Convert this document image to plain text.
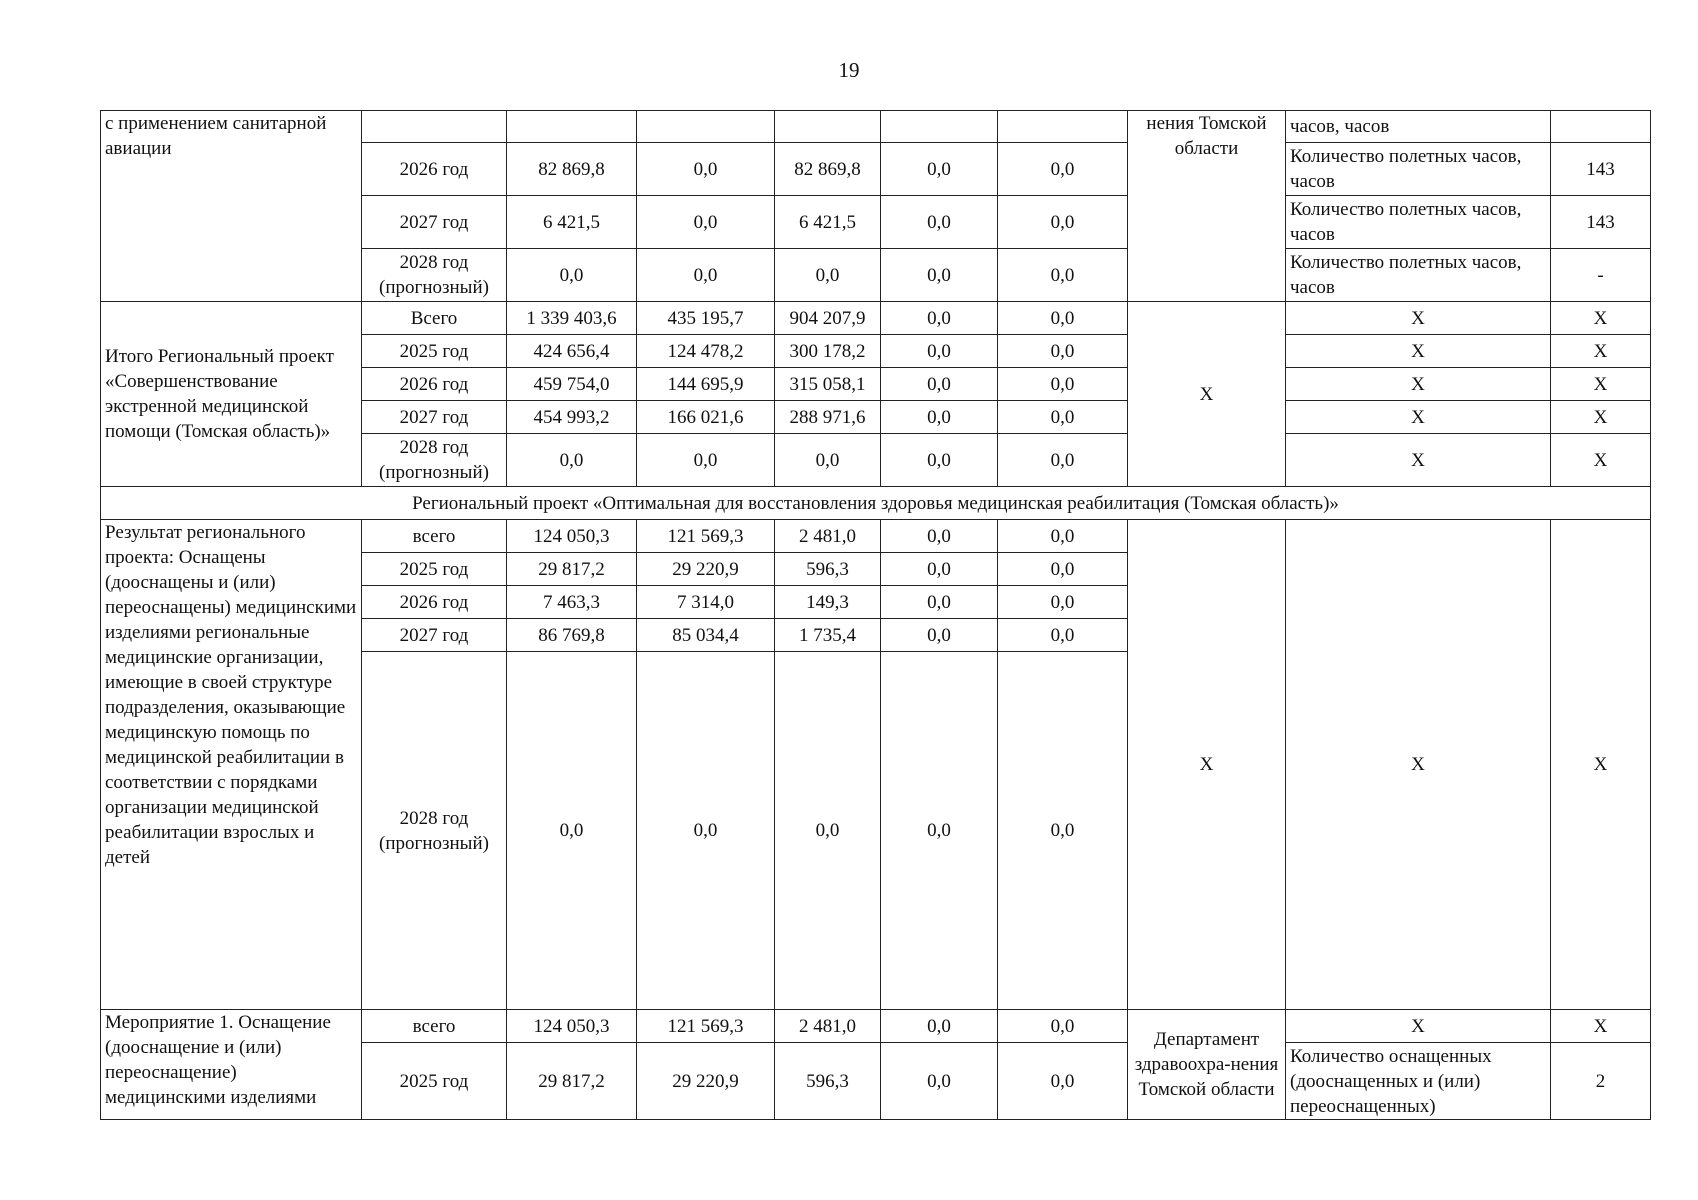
19
с применением санитарной авиации							нения Томской области	часов, часов	
	2026 год	82 869,8	0,0	82 869,8	0,0	0,0		Количество полетных часов, часов	143
	2027 год	6 421,5	0,0	6 421,5	0,0	0,0		Количество полетных часов, часов	143
	2028 год (прогнозный)	0,0	0,0	0,0	0,0	0,0		Количество полетных часов, часов	-
Итого Региональный проект «Совершенствование экстренной медицинской помощи (Томская область)»	Всего	1 339 403,6	435 195,7	904 207,9	0,0	0,0	X	X	X
	2025 год	424 656,4	124 478,2	300 178,2	0,0	0,0		X	X
	2026 год	459 754,0	144 695,9	315 058,1	0,0	0,0		X	X
	2027 год	454 993,2	166 021,6	288 971,6	0,0	0,0		X	X
	2028 год (прогнозный)	0,0	0,0	0,0	0,0	0,0		X	X
Региональный проект «Оптимальная для восстановления здоровья медицинская реабилитация (Томская область)»									
Результат регионального проекта: Оснащены (дооснащены и (или) переоснащены) медицинскими изделиями региональные медицинские организации, имеющие в своей структуре подразделения, оказывающие медицинскую помощь по медицинской реабилитации в соответствии с порядками организации медицинской реабилитации взрослых и детей	всего	124 050,3	121 569,3	2 481,0	0,0	0,0	X	X	X
	2025 год	29 817,2	29 220,9	596,3	0,0	0,0			
	2026 год	7 463,3	7 314,0	149,3	0,0	0,0			
	2027 год	86 769,8	85 034,4	1 735,4	0,0	0,0			
	2028 год (прогнозный)	0,0	0,0	0,0	0,0	0,0			
Мероприятие 1. Оснащение (дооснащение и (или) переоснащение) медицинскими изделиями	всего	124 050,3	121 569,3	2 481,0	0,0	0,0	Департамент здравоохра-нения Томской области	X	X
	2025 год	29 817,2	29 220,9	596,3	0,0	0,0		Количество оснащенных (дооснащенных и (или) переоснащенных)	2
